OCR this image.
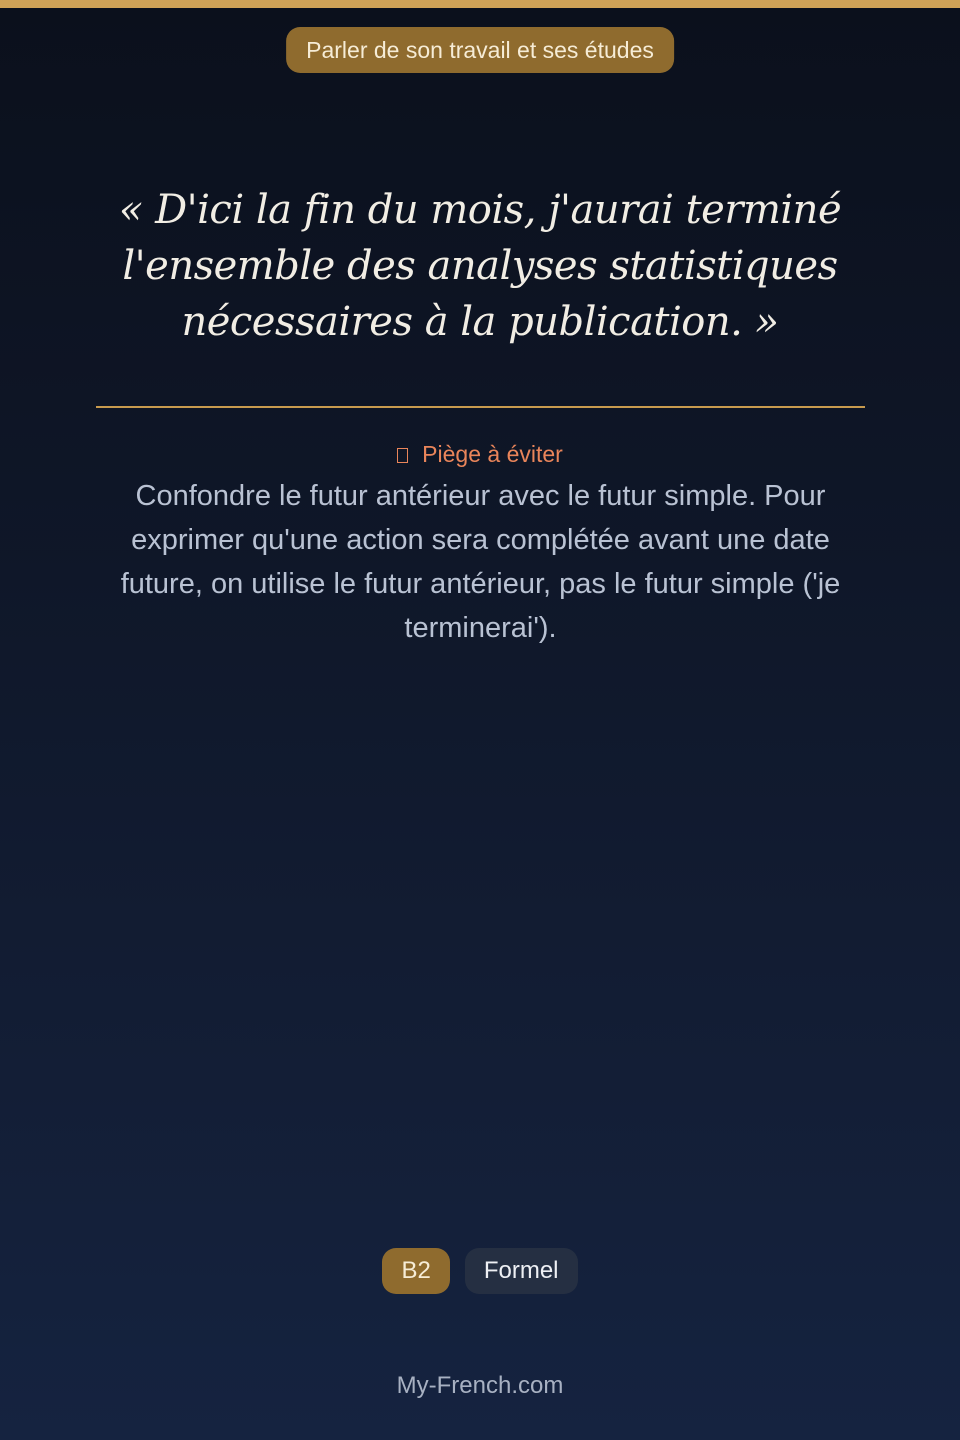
Parler de son travail et ses études

« D'ici la fin du mois, j'aurai terminé l'ensemble des analyses statistiques nécessaires à la publication. »

Piège à éviter

Confondre le futur antérieur avec le futur simple. Pour exprimer qu'une action sera complétée avant une date future, on utilise le futur antérieur, pas le futur simple ('je terminerai').

B2	Formel
My-French.com
